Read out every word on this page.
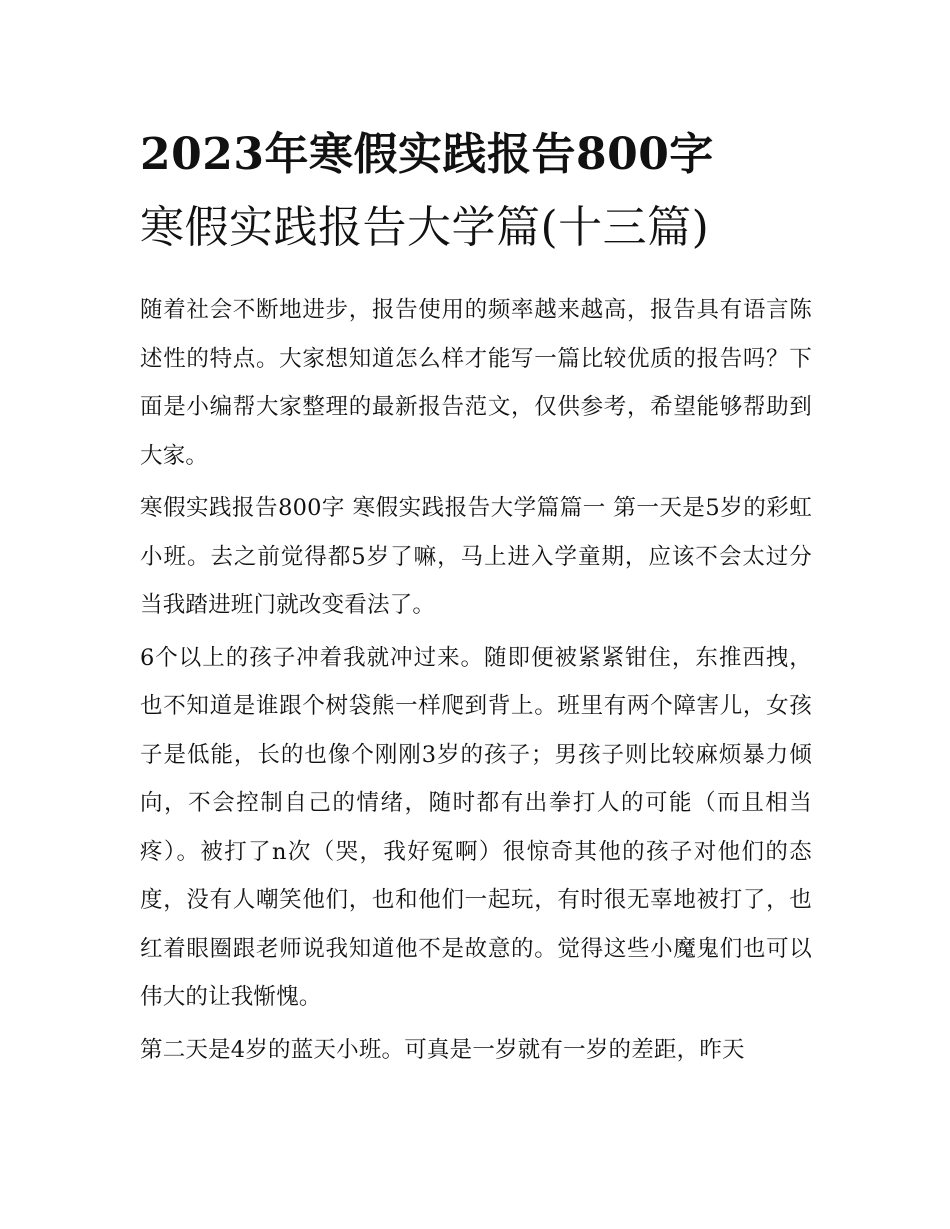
2023年寒假实践报告800字
寒假实践报告大学篇(十三篇)

随着社会不断地进步，报告使用的频率越来越高，报告具有语言陈述性的特点。大家想知道怎么样才能写一篇比较优质的报告吗？下面是小编帮大家整理的最新报告范文，仅供参考，希望能够帮助到大家。

寒假实践报告800字 寒假实践报告大学篇篇一 第一天是5岁的彩虹小班。去之前觉得都5岁了嘛，马上进入学童期，应该不会太过分当我踏进班门就改变看法了。

6个以上的孩子冲着我就冲过来。随即便被紧紧钳住，东推西拽，也不知道是谁跟个树袋熊一样爬到背上。班里有两个障害儿，女孩子是低能，长的也像个刚刚3岁的孩子；男孩子则比较麻烦暴力倾向，不会控制自己的情绪，随时都有出拳打人的可能（而且相当疼）。被打了n次（哭，我好冤啊）很惊奇其他的孩子对他们的态度，没有人嘲笑他们，也和他们一起玩，有时很无辜地被打了，也红着眼圈跟老师说我知道他不是故意的。觉得这些小魔鬼们也可以伟大的让我惭愧。

第二天是4岁的蓝天小班。可真是一岁就有一岁的差距，昨天
